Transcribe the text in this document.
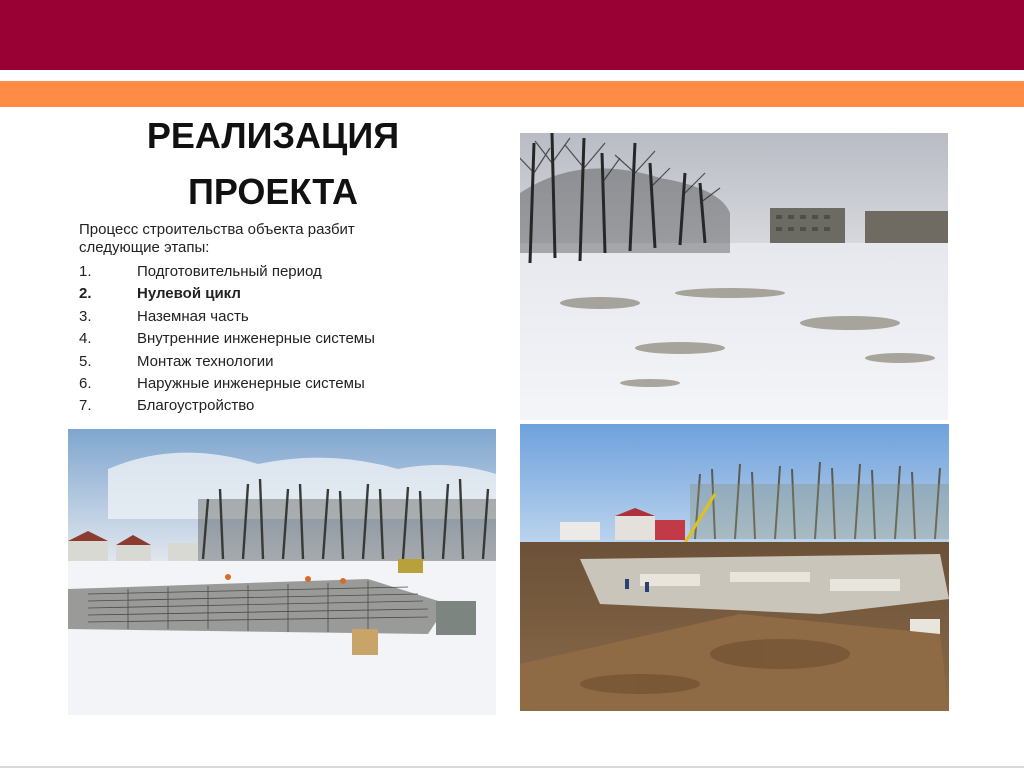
РЕАЛИЗАЦИЯ
ПРОЕКТА
Процесс строительства объекта разбит следующие этапы:
1.	Подготовительный период
2.	Нулевой цикл
3.	Наземная часть
4.	Внутренние инженерные системы
5.	Монтаж технологии
6.	Наружные инженерные системы
7.	Благоустройство
